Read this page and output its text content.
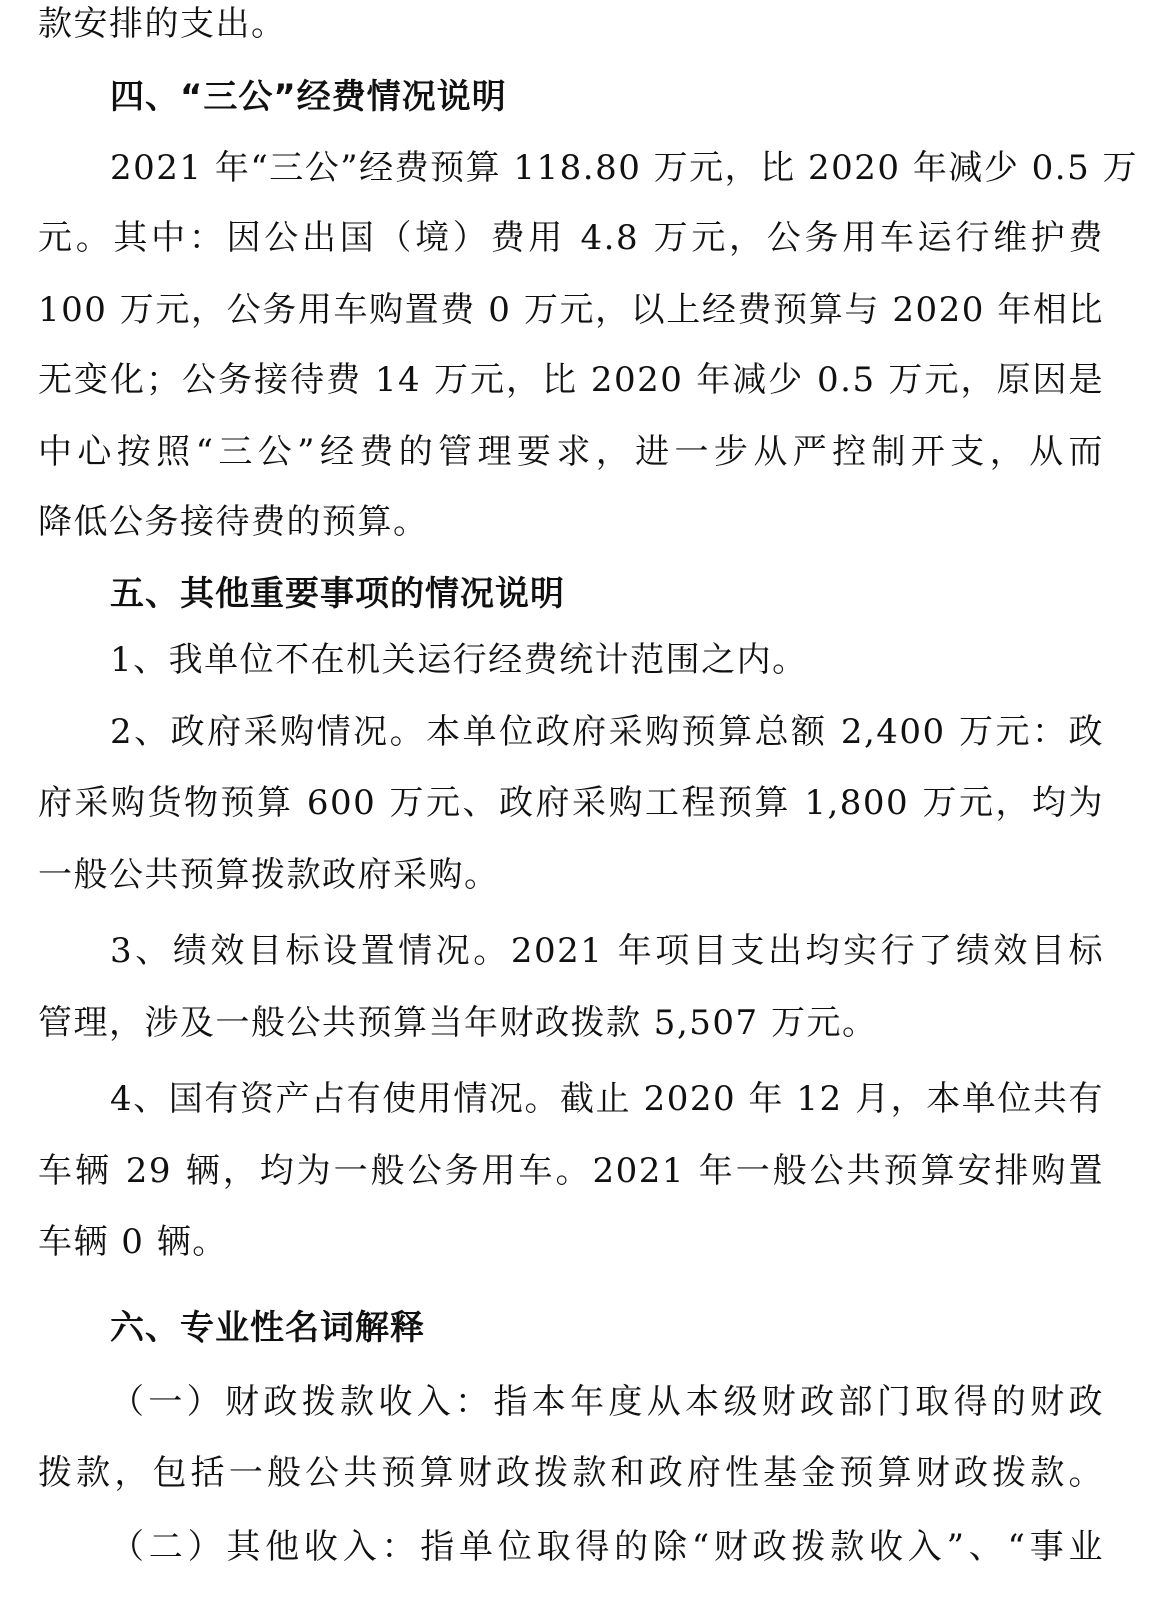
款安排的支出。
四、“三公”经费情况说明
2021 年“三公”经费预算 118.80 万元，比 2020 年减少 0.5 万
元。其中：因公出国（境）费用 4.8 万元，公务用车运行维护费
100 万元，公务用车购置费 0 万元，以上经费预算与 2020 年相比
无变化；公务接待费 14 万元，比 2020 年减少 0.5 万元，原因是
中心按照“三公”经费的管理要求，进一步从严控制开支，从而
降低公务接待费的预算。
五、其他重要事项的情况说明
1、我单位不在机关运行经费统计范围之内。
2、政府采购情况。本单位政府采购预算总额 2,400 万元：政
府采购货物预算 600 万元、政府采购工程预算 1,800 万元，均为
一般公共预算拨款政府采购。
3、绩效目标设置情况。2021 年项目支出均实行了绩效目标
管理，涉及一般公共预算当年财政拨款 5,507 万元。
4、国有资产占有使用情况。截止 2020 年 12 月，本单位共有
车辆 29 辆，均为一般公务用车。2021 年一般公共预算安排购置
车辆 0 辆。
六、专业性名词解释
（一）财政拨款收入：指本年度从本级财政部门取得的财政
拨款，包括一般公共预算财政拨款和政府性基金预算财政拨款。
（二）其他收入：指单位取得的除“财政拨款收入”、“事业
